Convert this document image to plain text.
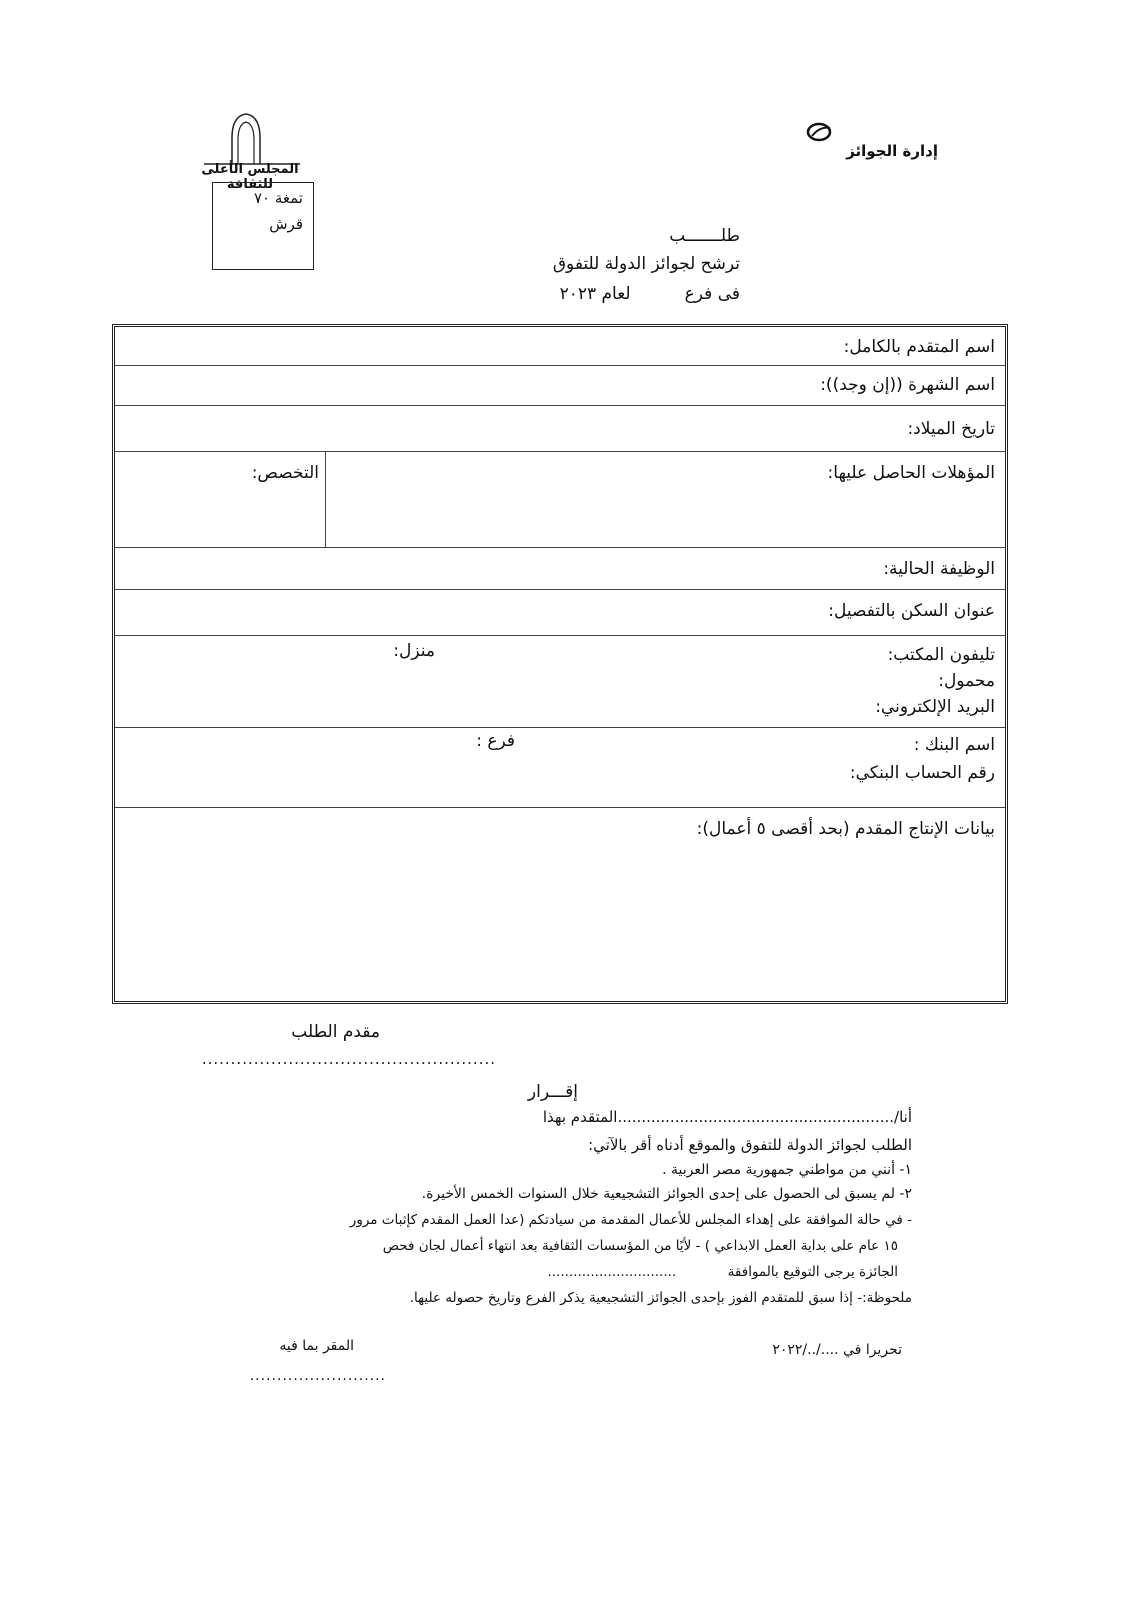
إدارة الجوائز
المجلس الأعلى للثقافة
تمغة ٧٠
قرش
طلـــــــب
ترشح لجوائز الدولة للتفوق
فى فرع          لعام ٢٠٢٣
اسم المتقدم بالكامل:
اسم الشهرة ((إن وجد)):
تاريخ الميلاد:
المؤهلات الحاصل عليها:
التخصص:
الوظيفة الحالية:
عنوان السكن بالتفصيل:
تليفون المكتب:
منزل:
محمول:
البريد الإلكتروني:
اسم البنك :
فرع :
رقم الحساب البنكي:
بيانات الإنتاج المقدم (بحد أقصى ٥ أعمال):
مقدم الطلب
...................................................
إقـــرار
أنا/..........................................................المتقدم بهذا
الطلب لجوائز الدولة للتفوق والموقع أدناه أقر بالآتي:
١- أنني من مواطني جمهورية مصر العربية .
٢- لم يسبق لى الحصول على إحدى الجوائز التشجيعية خلال السنوات الخمس الأخيرة.
- في حالة الموافقة على إهداء المجلس للأعمال المقدمة من سيادتكم (عدا العمل المقدم كإثبات مرور
١٥ عام على بداية العمل الابداعي ) - لأيًا من المؤسسات الثقافية بعد انتهاء أعمال لجان فحص
الجائزة يرجى التوقيع بالموافقة            ..............................
ملحوظة:- إذا سبق للمتقدم الفوز بإحدى الجوائز التشجيعية يذكر الفرع وتاريخ حصوله عليها.
تحريرا في ..../../٢٠٢٢
المقر بما فيه
.........................
